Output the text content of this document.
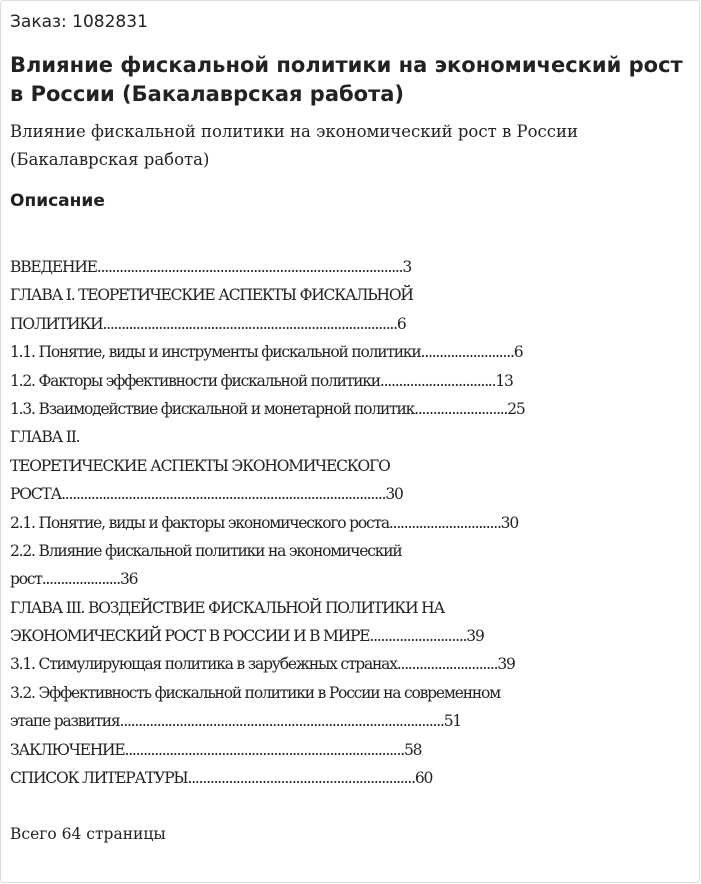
Заказ: 1082831
Влияние фискальной политики на экономический рост в России (Бакалаврская работа)

Влияние фискальной политики на экономический рост в России (Бакалаврская работа)

Описание
ВВЕДЕНИЕ..................................................................................3
ГЛАВА I. ТЕОРЕТИЧЕСКИЕ АСПЕКТЫ ФИСКАЛЬНОЙ
ПОЛИТИКИ...............................................................................6
1.1. Понятие, виды и инструменты фискальной политики.........................6
1.2. Факторы эффективности фискальной политики...............................13
1.3. Взаимодействие фискальной и монетарной политик.........................25
ГЛАВА II.
ТЕОРЕТИЧЕСКИЕ АСПЕКТЫ ЭКОНОМИЧЕСКОГО
РОСТА.......................................................................................30
2.1. Понятие, виды и факторы экономического роста..............................30
2.2. Влияние фискальной политики на экономический
рост.....................36
ГЛАВА III. ВОЗДЕЙСТВИЕ ФИСКАЛЬНОЙ ПОЛИТИКИ НА
ЭКОНОМИЧЕСКИЙ РОСТ В РОССИИ И В МИРЕ..........................39
3.1. Стимулирующая политика в зарубежных странах...........................39
3.2. Эффективность фискальной политики в России на современном
этапе развития.......................................................................................51
ЗАКЛЮЧЕНИЕ...........................................................................58
СПИСОК ЛИТЕРАТУРЫ.............................................................60

Всего 64 страницы
